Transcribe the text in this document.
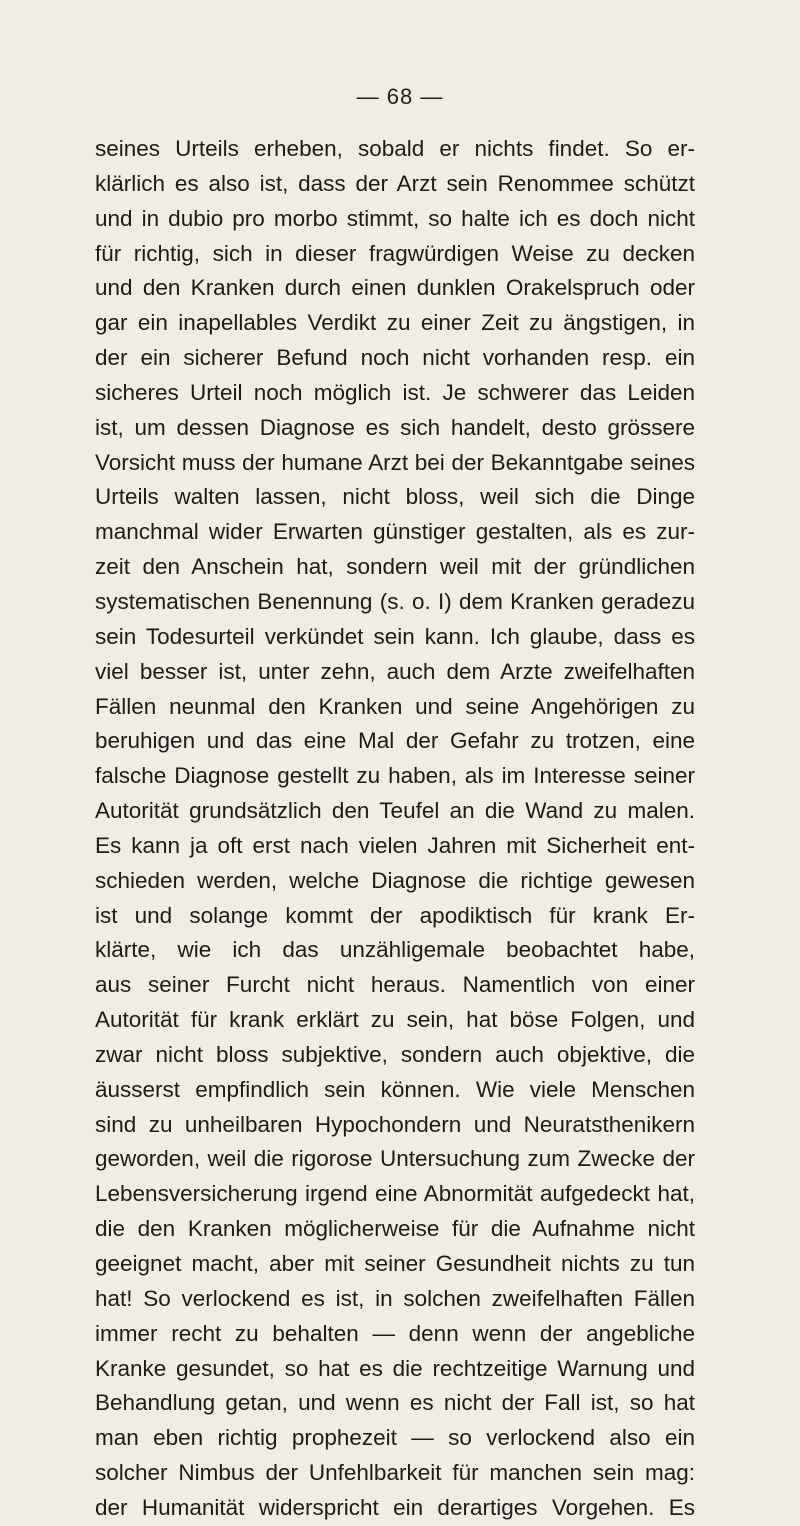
— 68 —
seines Urteils erheben, sobald er nichts findet. So er-
klärlich es also ist, dass der Arzt sein Renommee schützt
und in dubio pro morbo stimmt, so halte ich es doch nicht
für richtig, sich in dieser fragwürdigen Weise zu decken
und den Kranken durch einen dunklen Orakelspruch oder
gar ein inapellables Verdikt zu einer Zeit zu ängstigen, in
der ein sicherer Befund noch nicht vorhanden resp. ein
sicheres Urteil noch möglich ist. Je schwerer das Leiden
ist, um dessen Diagnose es sich handelt, desto grössere
Vorsicht muss der humane Arzt bei der Bekanntgabe seines
Urteils walten lassen, nicht bloss, weil sich die Dinge
manchmal wider Erwarten günstiger gestalten, als es zur-
zeit den Anschein hat, sondern weil mit der gründlichen
systematischen Benennung (s. o. I) dem Kranken geradezu
sein Todesurteil verkündet sein kann. Ich glaube, dass es
viel besser ist, unter zehn, auch dem Arzte zweifelhaften
Fällen neunmal den Kranken und seine Angehörigen zu
beruhigen und das eine Mal der Gefahr zu trotzen, eine
falsche Diagnose gestellt zu haben, als im Interesse seiner
Autorität grundsätzlich den Teufel an die Wand zu malen.
Es kann ja oft erst nach vielen Jahren mit Sicherheit ent-
schieden werden, welche Diagnose die richtige gewesen
ist und solange kommt der apodiktisch für krank Er-
klärte, wie ich das unzähligemale beobachtet habe,
aus seiner Furcht nicht heraus. Namentlich von einer
Autorität für krank erklärt zu sein, hat böse Folgen, und
zwar nicht bloss subjektive, sondern auch objektive, die
äusserst empfindlich sein können. Wie viele Menschen
sind zu unheilbaren Hypochondern und Neuratsthenikern
geworden, weil die rigorose Untersuchung zum Zwecke der
Lebensversicherung irgend eine Abnormität aufgedeckt hat,
die den Kranken möglicherweise für die Aufnahme nicht
geeignet macht, aber mit seiner Gesundheit nichts zu tun
hat! So verlockend es ist, in solchen zweifelhaften Fällen
immer recht zu behalten — denn wenn der angebliche
Kranke gesundet, so hat es die rechtzeitige Warnung und
Behandlung getan, und wenn es nicht der Fall ist, so hat
man eben richtig prophezeit — so verlockend also ein
solcher Nimbus der Unfehlbarkeit für manchen sein mag:
der Humanität widerspricht ein derartiges Vorgehen. Es
